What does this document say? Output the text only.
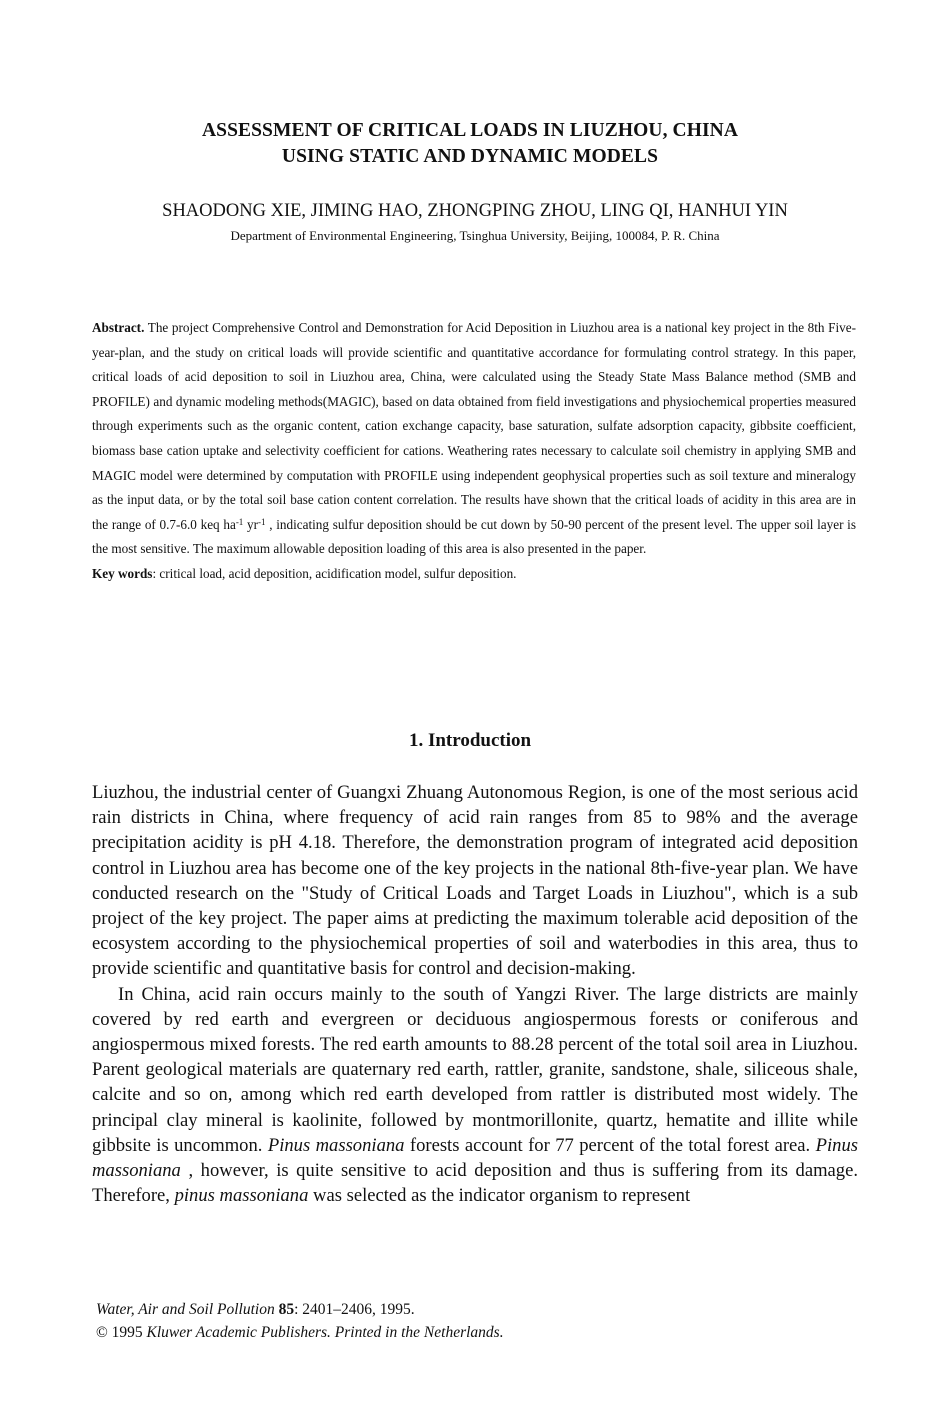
ASSESSMENT OF CRITICAL LOADS IN LIUZHOU, CHINA
USING STATIC AND DYNAMIC MODELS
SHAODONG XIE, JIMING HAO, ZHONGPING ZHOU, LING QI, HANHUI YIN
Department of Environmental Engineering, Tsinghua University, Beijing, 100084, P. R. China

Abstract. The project Comprehensive Control and Demonstration for Acid Deposition in Liuzhou area is a national key project in the 8th Five-year-plan, and the study on critical loads will provide scientific and quantitative accordance for formulating control strategy. In this paper, critical loads of acid deposition to soil in Liuzhou area, China, were calculated using the Steady State Mass Balance method (SMB and PROFILE) and dynamic modeling methods(MAGIC), based on data obtained from field investigations and physiochemical properties measured through experiments such as the organic content, cation exchange capacity, base saturation, sulfate adsorption capacity, gibbsite coefficient, biomass base cation uptake and selectivity coefficient for cations. Weathering rates necessary to calculate soil chemistry in applying SMB and MAGIC model were determined by computation with PROFILE using independent geophysical properties such as soil texture and mineralogy as the input data, or by the total soil base cation content correlation. The results have shown that the critical loads of acidity in this area are in the range of 0.7-6.0 keq $ha^{-1}$ $yr^{-1}$ , indicating sulfur deposition should be cut down by 50-90 percent of the present level. The upper soil layer is the most sensitive. The maximum allowable deposition loading of this area is also presented in the paper.

Key words: critical load, acid deposition, acidification model, sulfur deposition.

1. Introduction

Liuzhou, the industrial center of Guangxi Zhuang Autonomous Region, is one of the most serious acid rain districts in China, where frequency of acid rain ranges from 85 to 98% and the average precipitation acidity is pH 4.18. Therefore, the demonstration program of integrated acid deposition control in Liuzhou area has become one of the key projects in the national 8th-five-year plan. We have conducted research on the "Study of Critical Loads and Target Loads in Liuzhou", which is a sub project of the key project. The paper aims at predicting the maximum tolerable acid deposition of the ecosystem according to the physiochemical properties of soil and waterbodies in this area, thus to provide scientific and quantitative basis for control and decision-making.

In China, acid rain occurs mainly to the south of Yangzi River. The large districts are mainly covered by red earth and evergreen or deciduous angiospermous forests or coniferous and angiospermous mixed forests. The red earth amounts to 88.28 percent of the total soil area in Liuzhou. Parent geological materials are quaternary red earth, rattler, granite, sandstone, shale, siliceous shale, calcite and so on, among which red earth developed from rattler is distributed most widely. The principal clay mineral is kaolinite, followed by montmorillonite, quartz, hematite and illite while gibbsite is uncommon. Pinus massoniana forests account for 77 percent of the total forest area. Pinus massoniana , however, is quite sensitive to acid deposition and thus is suffering from its damage. Therefore, pinus massoniana was selected as the indicator organism to represent

Water, Air and Soil Pollution 85: 2401–2406, 1995.
© 1995 Kluwer Academic Publishers. Printed in the Netherlands.
